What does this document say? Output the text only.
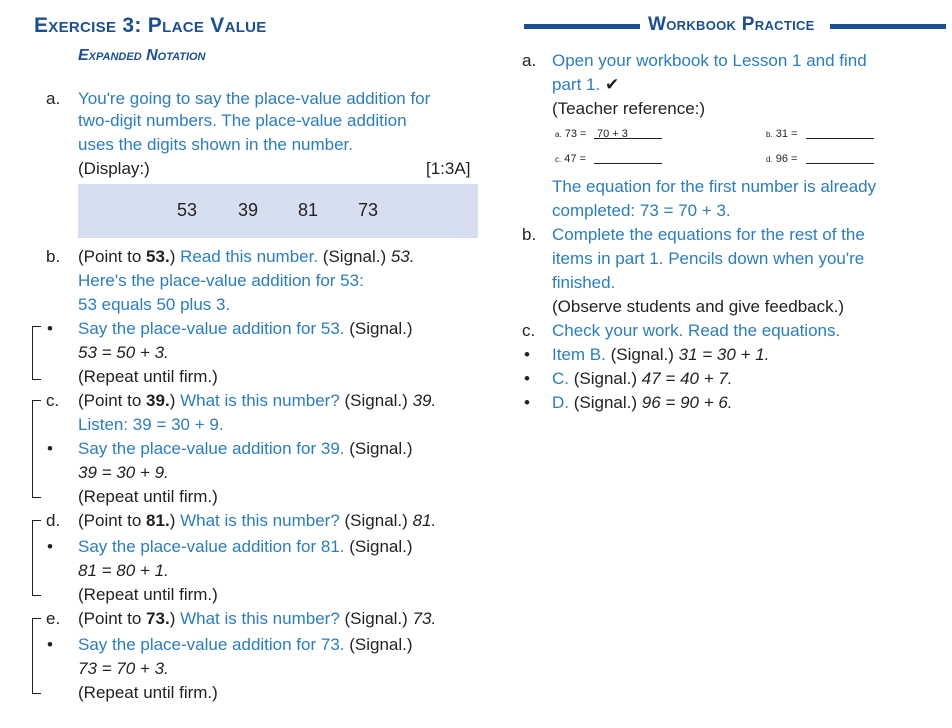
Exercise 3: Place Value
Expanded Notation
a. You're going to say the place-value addition for
two-digit numbers. The place-value addition
uses the digits shown in the number.
(Display:)	[1:3A]
53 39 81 73
b. (Point to 53.) Read this number. (Signal.) 53.
Here's the place-value addition for 53:
53 equals 50 plus 3.
•
Say the place-value addition for 53. (Signal.)
53 = 50 + 3.
(Repeat until firm.)
c. (Point to 39.) What is this number? (Signal.) 39.
Listen: 39 = 30 + 9.
•
Say the place-value addition for 39. (Signal.)
39 = 30 + 9.
(Repeat until firm.)
d. (Point to 81.) What is this number? (Signal.) 81.
•
Say the place-value addition for 81. (Signal.)
81 = 80 + 1.
(Repeat until firm.)
e. (Point to 73.) What is this number? (Signal.) 73.
•
Say the place-value addition for 73. (Signal.)
73 = 70 + 3.
(Repeat until firm.)
Workbook Practice
a. Open your workbook to Lesson 1 and find
part 1. ✔
(Teacher reference:)
a. 73 = 70 + 3	b. 31 =
c. 47 =	d. 96 =
The equation for the first number is already
completed: 73 = 70 + 3.
b. Complete the equations for the rest of the
items in part 1. Pencils down when you're
finished.
(Observe students and give feedback.)
c. Check your work. Read the equations.
•
Item B. (Signal.) 31 = 30 + 1.
•
C. (Signal.) 47 = 40 + 7.
•
D. (Signal.) 96 = 90 + 6.
